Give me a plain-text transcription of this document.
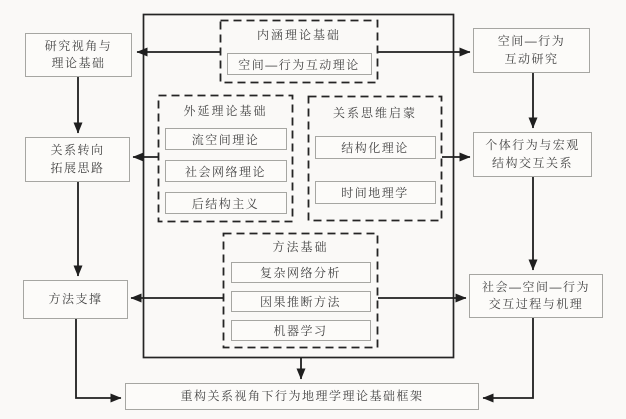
研究视角与
理论基础
关系转向
拓展思路
方法支撑
空间—行为
互动研究
个体行为与宏观
结构交互关系
社会—空间—行为
交互过程与机理
重构关系视角下行为地理学理论基础框架
内涵理论基础
空间—行为互动理论
外延理论基础
流空间理论
社会网络理论
后结构主义
关系思维启蒙
结构化理论
时间地理学
方法基础
复杂网络分析
因果推断方法
机器学习
